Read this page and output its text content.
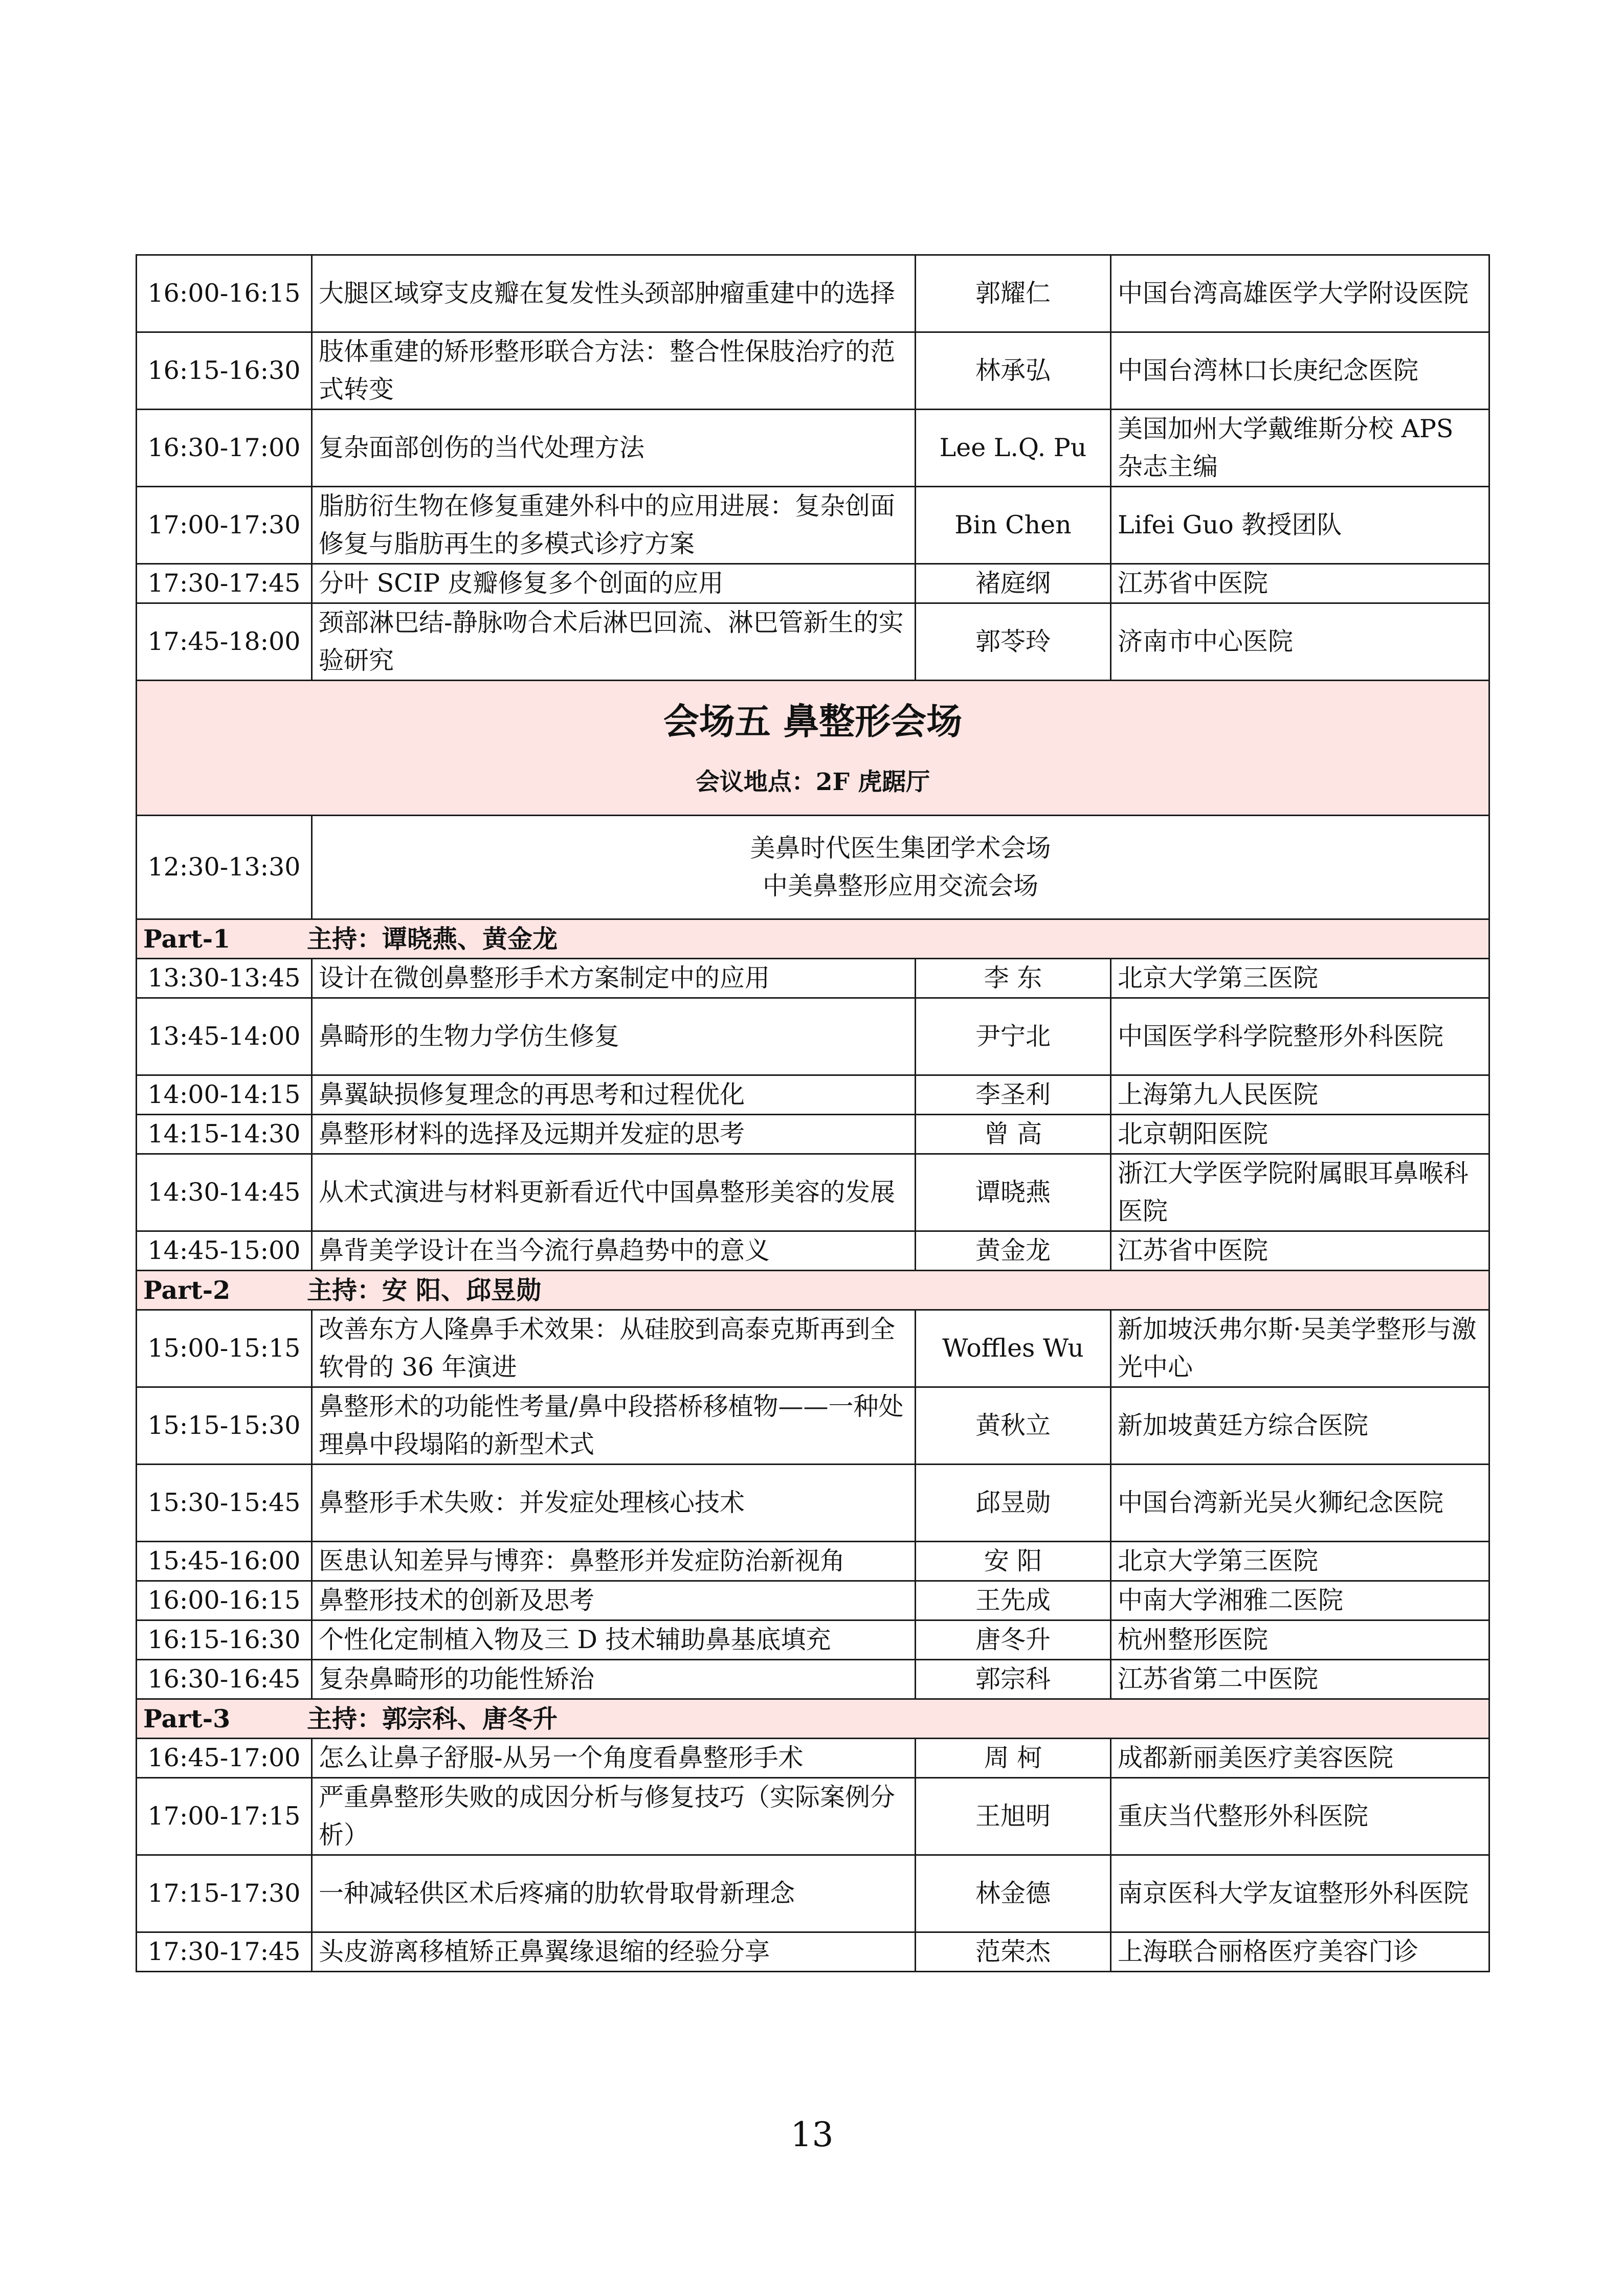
16:00-16:15	大腿区域穿支皮瓣在复发性头颈部肿瘤重建中的选择	郭耀仁	中国台湾高雄医学大学附设医院
16:15-16:30	肢体重建的矫形整形联合方法：整合性保肢治疗的范式转变	林承弘	中国台湾林口长庚纪念医院
16:30-17:00	复杂面部创伤的当代处理方法	Lee L.Q. Pu	美国加州大学戴维斯分校 APS 杂志主编
17:00-17:30	脂肪衍生物在修复重建外科中的应用进展：复杂创面修复与脂肪再生的多模式诊疗方案	Bin Chen	Lifei Guo 教授团队
17:30-17:45	分叶 SCIP 皮瓣修复多个创面的应用	褚庭纲	江苏省中医院
17:45-18:00	颈部淋巴结-静脉吻合术后淋巴回流、淋巴管新生的实验研究	郭苓玲	济南市中心医院

会场五 鼻整形会场
会议地点：2F 虎踞厅			

12:30-13:30	美鼻时代医生集团学术会场
中美鼻整形应用交流会场		

Part-1 主持：谭晓燕、黄金龙			
13:30-13:45	设计在微创鼻整形手术方案制定中的应用	李 东	北京大学第三医院
13:45-14:00	鼻畸形的生物力学仿生修复	尹宁北	中国医学科学院整形外科医院
14:00-14:15	鼻翼缺损修复理念的再思考和过程优化	李圣利	上海第九人民医院
14:15-14:30	鼻整形材料的选择及远期并发症的思考	曾 高	北京朝阳医院
14:30-14:45	从术式演进与材料更新看近代中国鼻整形美容的发展	谭晓燕	浙江大学医学院附属眼耳鼻喉科医院
14:45-15:00	鼻背美学设计在当今流行鼻趋势中的意义	黄金龙	江苏省中医院
Part-2 主持：安 阳、邱昱勋			
15:00-15:15	改善东方人隆鼻手术效果：从硅胶到高泰克斯再到全软骨的 36 年演进	Woffles Wu	新加坡沃弗尔斯·吴美学整形与激光中心
15:15-15:30	鼻整形术的功能性考量/鼻中段搭桥移植物——一种处理鼻中段塌陷的新型术式	黄秋立	新加坡黄廷方综合医院
15:30-15:45	鼻整形手术失败：并发症处理核心技术	邱昱勋	中国台湾新光吴火狮纪念医院
15:45-16:00	医患认知差异与博弈：鼻整形并发症防治新视角	安 阳	北京大学第三医院
16:00-16:15	鼻整形技术的创新及思考	王先成	中南大学湘雅二医院
16:15-16:30	个性化定制植入物及三 D 技术辅助鼻基底填充	唐冬升	杭州整形医院
16:30-16:45	复杂鼻畸形的功能性矫治	郭宗科	江苏省第二中医院
Part-3 主持：郭宗科、唐冬升			
16:45-17:00	怎么让鼻子舒服-从另一个角度看鼻整形手术	周 柯	成都新丽美医疗美容医院
17:00-17:15	严重鼻整形失败的成因分析与修复技巧（实际案例分析）	王旭明	重庆当代整形外科医院
17:15-17:30	一种减轻供区术后疼痛的肋软骨取骨新理念	林金德	南京医科大学友谊整形外科医院
17:30-17:45	头皮游离移植矫正鼻翼缘退缩的经验分享	范荣杰	上海联合丽格医疗美容门诊
13
